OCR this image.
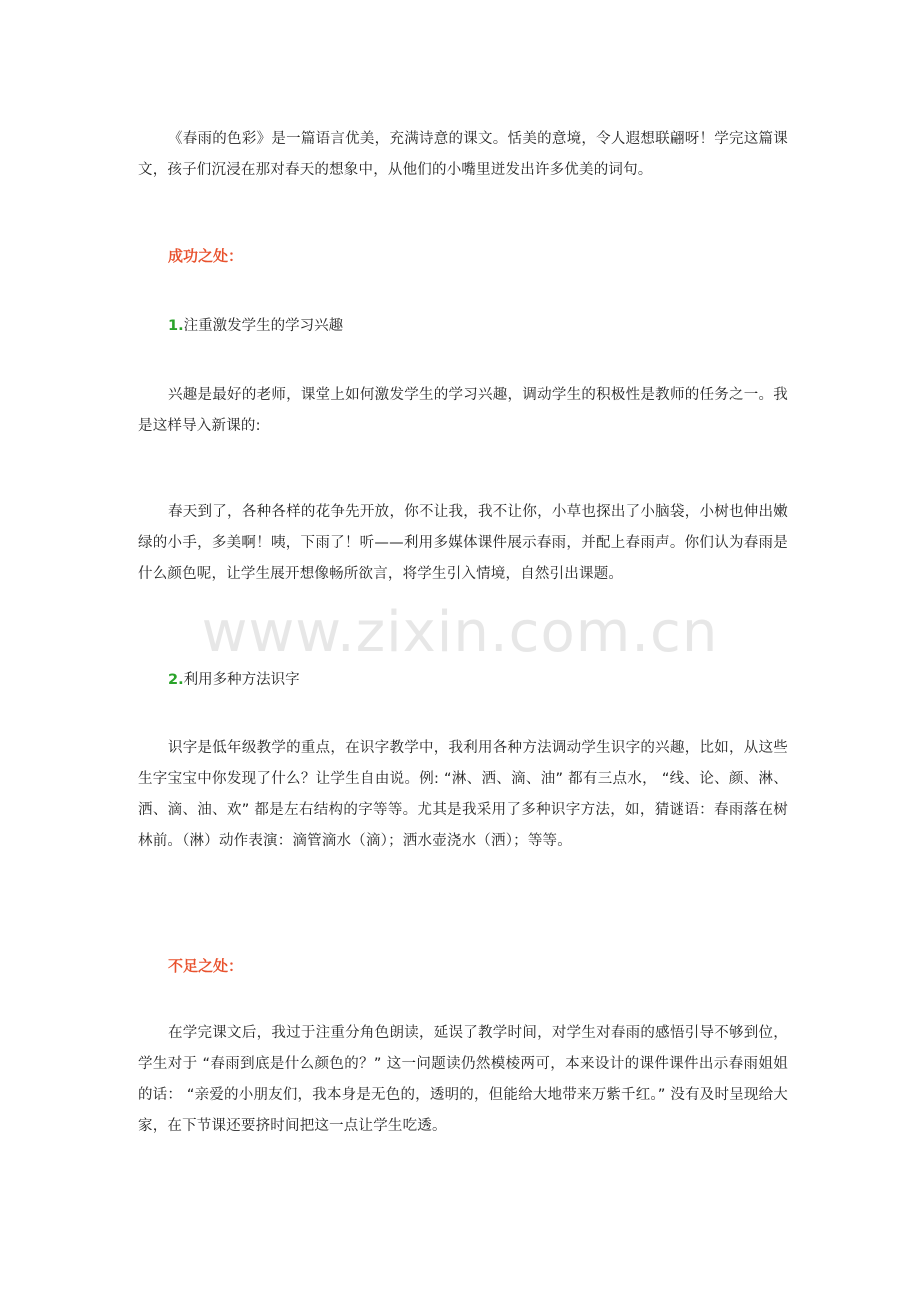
《春雨的色彩》是一篇语言优美，充满诗意的课文。恬美的意境，令人遐想联翩呀！学完这篇课文，孩子们沉浸在那对春天的想象中，从他们的小嘴里迸发出许多优美的词句。

成功之处：

1.注重激发学生的学习兴趣

兴趣是最好的老师，课堂上如何激发学生的学习兴趣，调动学生的积极性是教师的任务之一。我是这样导入新课的:

春天到了，各种各样的花争先开放，你不让我，我不让你，小草也探出了小脑袋，小树也伸出嫩绿的小手，多美啊！咦，下雨了！听——利用多媒体课件展示春雨，并配上春雨声。你们认为春雨是什么颜色呢，让学生展开想像畅所欲言，将学生引入情境，自然引出课题。

2.利用多种方法识字

识字是低年级教学的重点，在识字教学中，我利用各种方法调动学生识字的兴趣，比如，从这些生字宝宝中你发现了什么？让学生自由说。例: “淋、洒、滴、油” 都有三点水， “线、论、颜、淋、洒、滴、油、欢” 都是左右结构的字等等。尤其是我采用了多种识字方法，如，猜谜语：春雨落在树林前。（淋）动作表演：滴管滴水（滴）；洒水壶浇水（洒）；等等。

不足之处：

在学完课文后，我过于注重分角色朗读，延误了教学时间，对学生对春雨的感悟引导不够到位，学生对于 “春雨到底是什么颜色的？” 这一问题读仍然模棱两可，本来设计的课件课件出示春雨姐姐的话： “亲爱的小朋友们，我本身是无色的，透明的，但能给大地带来万紫千红。” 没有及时呈现给大家，在下节课还要挤时间把这一点让学生吃透。

www.zixin.com.cn
